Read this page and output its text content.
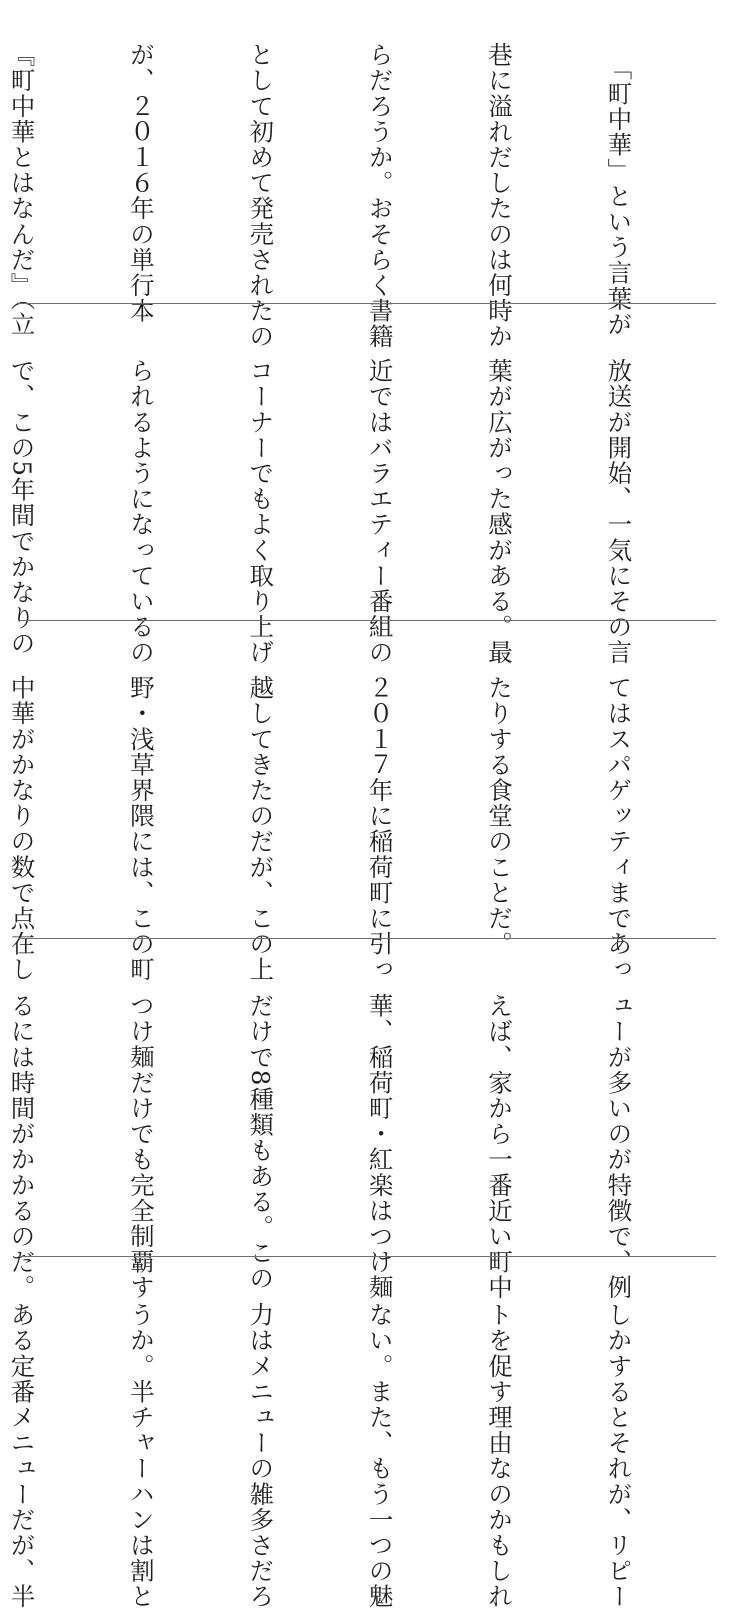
　「町中華」という言葉が

巷に溢れだしたのは何時か

らだろうか。おそらく書籍

として初めて発売されたの

が、２０１６年の単行本

『町中華とはなんだ』（立

放送が開始、一気にその言

葉が広がった感がある。最

近ではバラエティー番組の

コーナーでもよく取り上げ

られるようになっているの

で、この5年間でかなりの

てはスパゲッティまであっ

たりする食堂のことだ。

２０１７年に稲荷町に引っ

越してきたのだが、この上

野・浅草界隈には、この町

中華がかなりの数で点在し

ューが多いのが特徴で、例

えば、家から一番近い町中

華、稲荷町・紅楽はつけ麺

だけで8種類もある。この

つけ麺だけでも完全制覇す

るには時間がかかるのだ。

しかするとそれが、リピー

トを促す理由なのかもしれ

ない。また、もう一つの魅

力はメニューの雑多さだろ

うか。半チャーハンは割と

ある定番メニューだが、半
